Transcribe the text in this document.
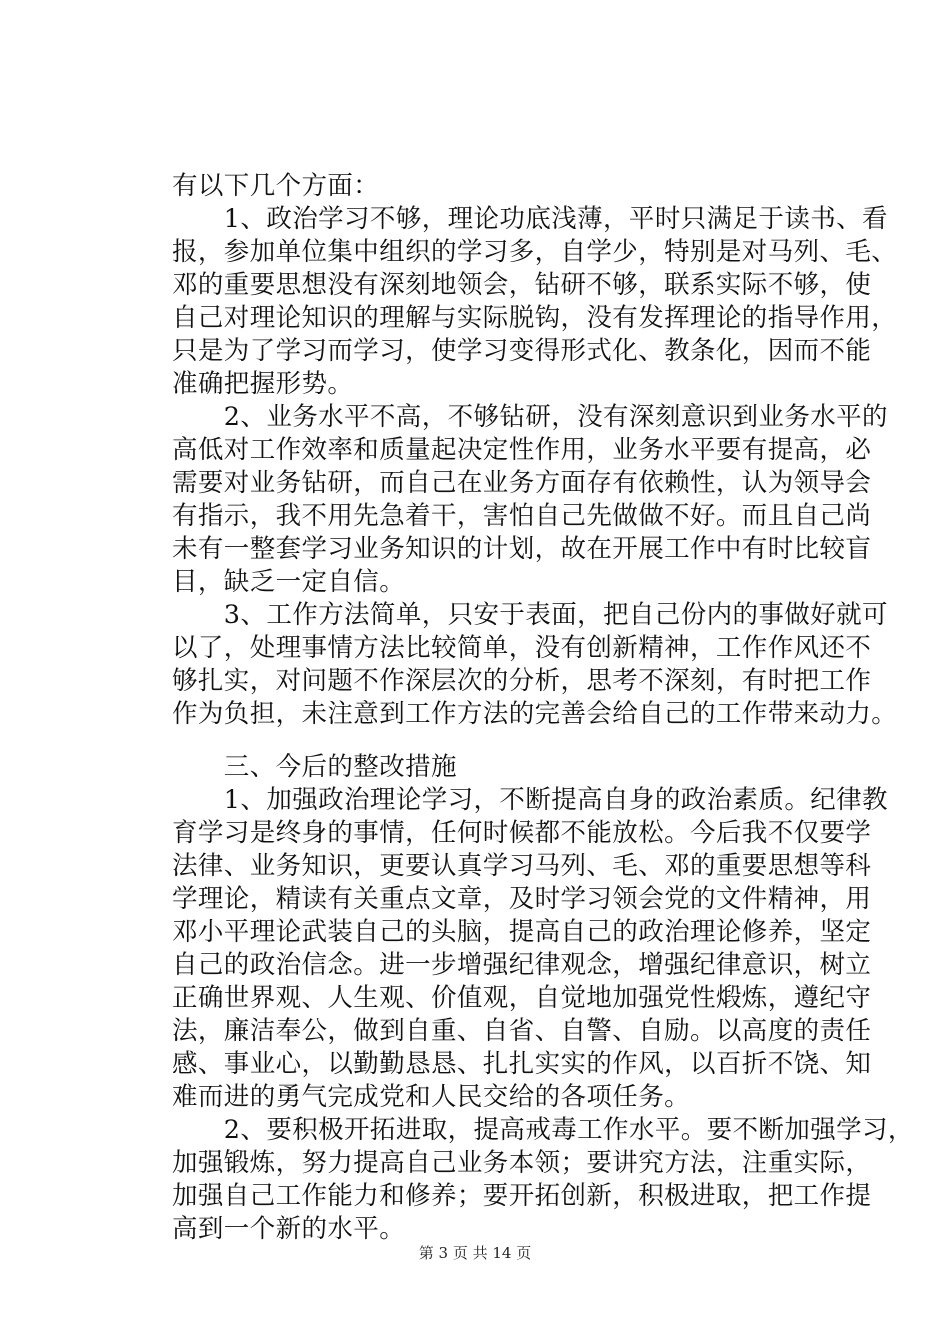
有以下几个方面：
　　1、政治学习不够，理论功底浅薄，平时只满足于读书、看
报，参加单位集中组织的学习多，自学少，特别是对马列、毛、
邓的重要思想没有深刻地领会，钻研不够，联系实际不够，使
自己对理论知识的理解与实际脱钩，没有发挥理论的指导作用，
只是为了学习而学习，使学习变得形式化、教条化，因而不能
准确把握形势。
　　2、业务水平不高，不够钻研，没有深刻意识到业务水平的
高低对工作效率和质量起决定性作用，业务水平要有提高，必
需要对业务钻研，而自己在业务方面存有依赖性，认为领导会
有指示，我不用先急着干，害怕自己先做做不好。而且自己尚
未有一整套学习业务知识的计划，故在开展工作中有时比较盲
目，缺乏一定自信。
　　3、工作方法简单，只安于表面，把自己份内的事做好就可
以了，处理事情方法比较简单，没有创新精神，工作作风还不
够扎实，对问题不作深层次的分析，思考不深刻，有时把工作
作为负担，未注意到工作方法的完善会给自己的工作带来动力。
　　三、今后的整改措施
　　1、加强政治理论学习，不断提高自身的政治素质。纪律教
育学习是终身的事情，任何时候都不能放松。今后我不仅要学
法律、业务知识，更要认真学习马列、毛、邓的重要思想等科
学理论，精读有关重点文章，及时学习领会党的文件精神，用
邓小平理论武装自己的头脑，提高自己的政治理论修养，坚定
自己的政治信念。进一步增强纪律观念，增强纪律意识，树立
正确世界观、人生观、价值观，自觉地加强党性煅炼，遵纪守
法，廉洁奉公，做到自重、自省、自警、自励。以高度的责任
感、事业心，以勤勤恳恳、扎扎实实的作风，以百折不饶、知
难而进的勇气完成党和人民交给的各项任务。
　　2、要积极开拓进取，提高戒毒工作水平。要不断加强学习，
加强锻炼，努力提高自己业务本领；要讲究方法，注重实际，
加强自己工作能力和修养；要开拓创新，积极进取，把工作提
高到一个新的水平。
第 3 页 共 14 页
